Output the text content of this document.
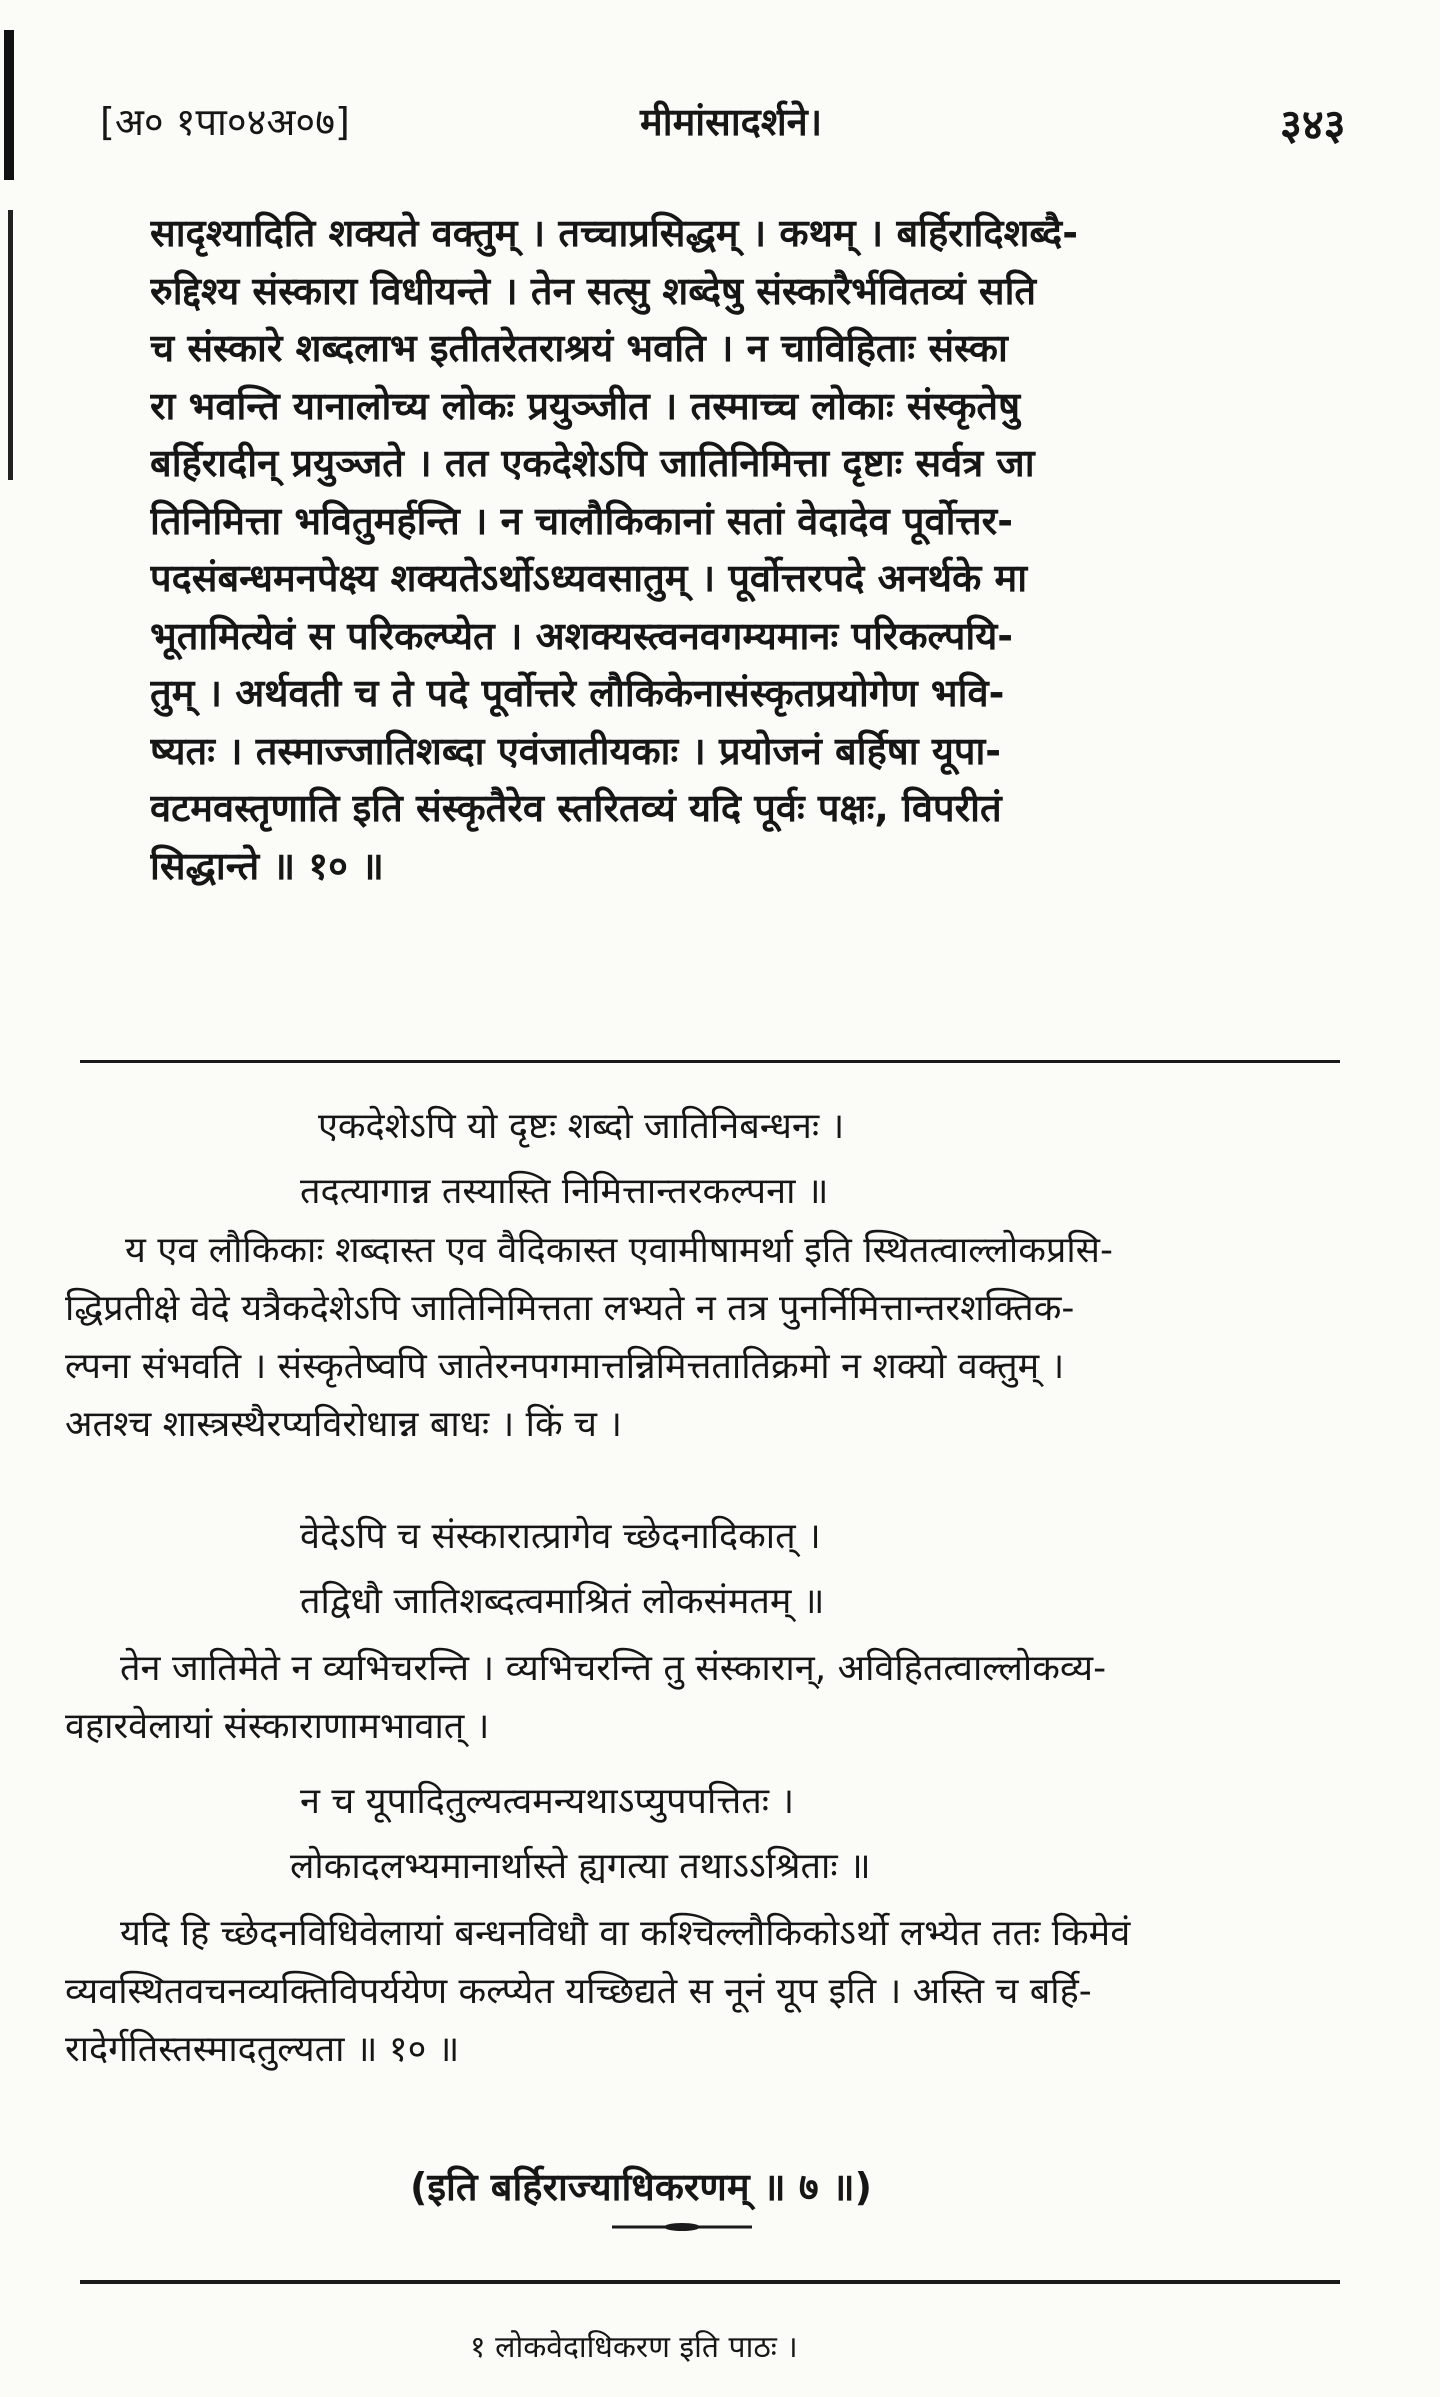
[अ० १पा०४अ०७]	मीमांसादर्शने।	३४३

सादृश्यादिति शक्यते वक्तुम् । तच्चाप्रसिद्धम् । कथम् । बर्हिरादिशब्दै-

रुद्दिश्य संस्कारा विधीयन्ते । तेन सत्सु शब्देषु संस्कारैर्भवितव्यं सति

च संस्कारे शब्दलाभ इतीतरेतराश्रयं भवति । न चाविहिताः संस्का

रा भवन्ति यानालोच्य लोकः प्रयुञ्जीत । तस्माच्च लोकाः संस्कृतेषु

बर्हिरादीन् प्रयुञ्जते । तत एकदेशेऽपि जातिनिमित्ता दृष्टाः सर्वत्र जा

तिनिमित्ता भवितुमर्हन्ति । न चालौकिकानां सतां वेदादेव पूर्वोत्तर-

पदसंबन्धमनपेक्ष्य शक्यतेऽर्थोऽध्यवसातुम् । पूर्वोत्तरपदे अनर्थके मा

भूतामित्येवं स परिकल्प्येत । अशक्यस्त्वनवगम्यमानः परिकल्पयि-

तुम् । अर्थवती च ते पदे पूर्वोत्तरे लौकिकेनासंस्कृतप्रयोगेण भवि-

ष्यतः । तस्माज्जातिशब्दा एवंजातीयकाः । प्रयोजनं बर्हिषा यूपा-

वटमवस्तृणाति इति संस्कृतैरेव स्तरितव्यं यदि पूर्वः पक्षः, विपरीतं

सिद्धान्ते ॥ १० ॥

एकदेशेऽपि यो दृष्टः शब्दो जातिनिबन्धनः ।
तदत्यागान्न तस्यास्ति निमित्तान्तरकल्पना ॥

य एव लौकिकाः शब्दास्त एव वैदिकास्त एवामीषामर्था इति स्थितत्वाल्लोकप्रसि-

द्धिप्रतीक्षे वेदे यत्रैकदेशेऽपि जातिनिमित्तता लभ्यते न तत्र पुनर्निमित्तान्तरशक्तिक-

ल्पना संभवति । संस्कृतेष्वपि जातेरनपगमात्तन्निमित्ततातिक्रमो न शक्यो वक्तुम् ।

अतश्च शास्त्रस्थैरप्यविरोधान्न बाधः । किं च ।

वेदेऽपि च संस्कारात्प्रागेव च्छेदनादिकात् ।
तद्विधौ जातिशब्दत्वमाश्रितं लोकसंमतम् ॥

तेन जातिमेते न व्यभिचरन्ति । व्यभिचरन्ति तु संस्कारान्, अविहितत्वाल्लोकव्य-

वहारवेलायां संस्काराणामभावात् ।

न च यूपादितुल्यत्वमन्यथाऽप्युपपत्तितः ।
लोकादलभ्यमानार्थास्ते ह्यगत्या तथाऽऽश्रिताः ॥

यदि हि च्छेदनविधिवेलायां बन्धनविधौ वा कश्चिल्लौकिकोऽर्थो लभ्येत ततः किमेवं

व्यवस्थितवचनव्यक्तिविपर्ययेण कल्प्येत यच्छिद्यते स नूनं यूप इति । अस्ति च बर्हि-

रादेर्गतिस्तस्मादतुल्यता ॥ १० ॥

(इति बर्हिराज्याधिकरणम् ॥ ७ ॥)
१ लोकवेदाधिकरण इति पाठः ।
